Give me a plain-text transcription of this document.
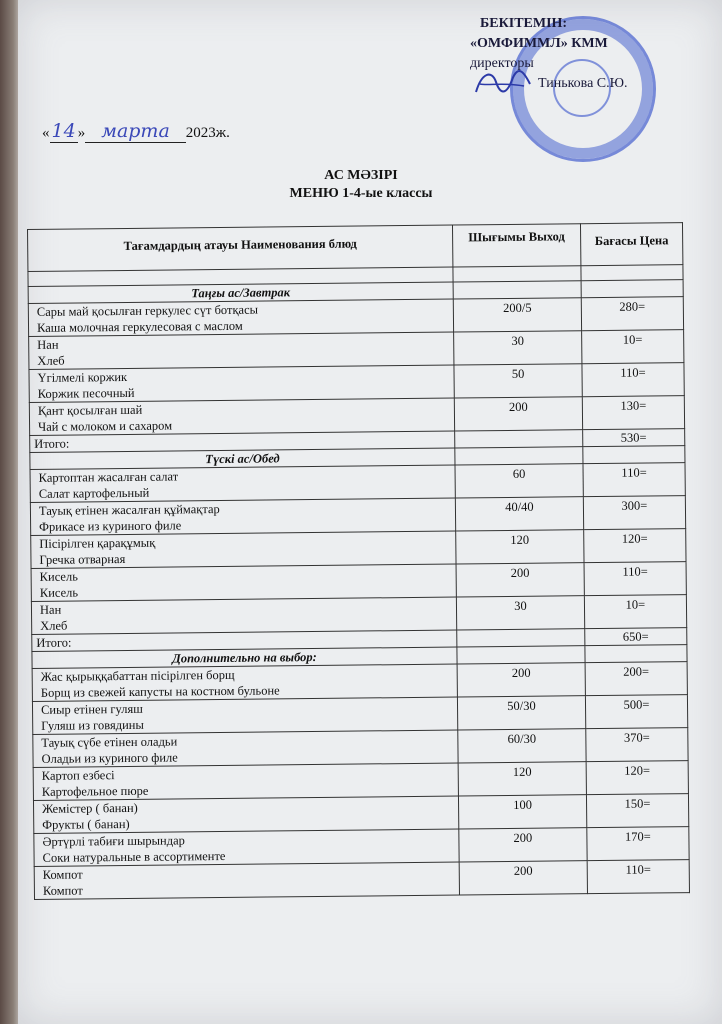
БЕКІТЕМІН:
«ОМФИММЛ» КММ
директоры
Тинькова С.Ю.
« 14 » марта 2023ж.
АС МӘЗІРІ
МЕНЮ 1-4-ые классы
Тағамдардың атауы Наименования блюд	Шығымы Выход	Бағасы Цена

Таңғы ас/Завтрак		

Сары май қосылған геркулес сүт ботқасы
Каша молочная геркулесовая с маслом	200/5	280=

Нан
Хлеб	30	10=

Үгілмелі коржик
Коржик песочный	50	110=

Қант қосылған шай
Чай с молоком и сахаром	200	130=
Итого:		530=
Түскі ас/Обед		

Картоптан жасалған салат
Салат картофельный	60	110=

Тауық етінен жасалған құймақтар
Фрикасе из куриного филе	40/40	300=

Пісірілген қарақұмық
Гречка отварная	120	120=

Кисель
Кисель	200	110=

Нан
Хлеб	30	10=
Итого:		650=
Дополнительно на выбор:		

Жас қырыққабаттан пісірілген борщ
Борщ из свежей капусты на костном бульоне	200	200=

Сиыр етінен гуляш
Гуляш из говядины	50/30	500=

Тауық сүбе етінен оладьи
Оладьи из куриного филе	60/30	370=

Картоп езбесі
Картофельное пюре	120	120=

Жемістер ( банан)
Фрукты ( банан)	100	150=

Әртүрлі табиғи шырындар
Соки натуральные в ассортименте	200	170=

Компот
Компот	200	110=
